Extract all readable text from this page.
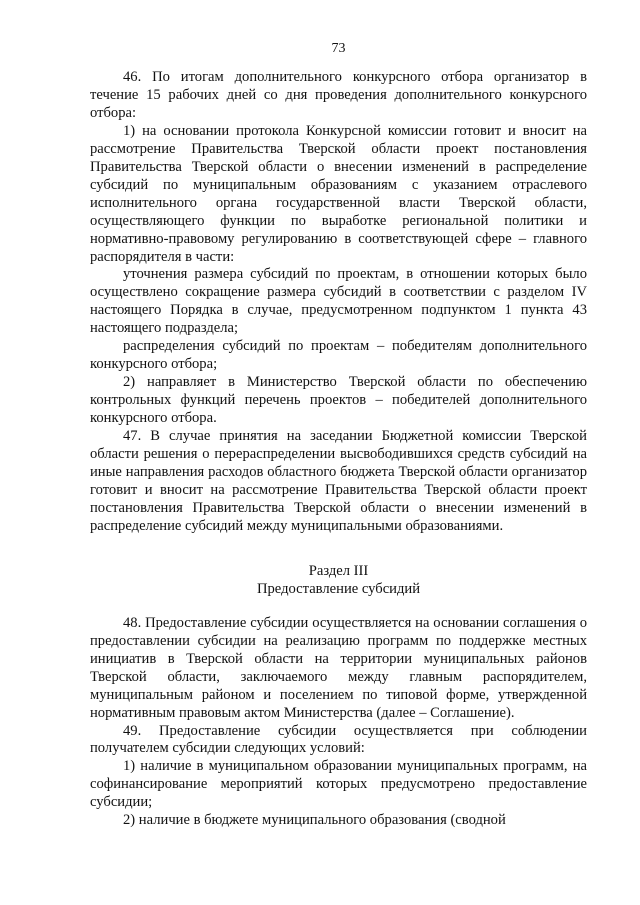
73

46. По итогам дополнительного конкурсного отбора организатор в течение 15 рабочих дней со дня проведения дополнительного конкурсного отбора:

1) на основании протокола Конкурсной комиссии готовит и вносит на рассмотрение Правительства Тверской области проект постановления Правительства Тверской области о внесении изменений в распределение субсидий по муниципальным образованиям с указанием отраслевого исполнительного органа государственной власти Тверской области, осуществляющего функции по выработке региональной политики и нормативно-правовому регулированию в соответствующей сфере – главного распорядителя в части:

уточнения размера субсидий по проектам, в отношении которых было осуществлено сокращение размера субсидий в соответствии с разделом IV настоящего Порядка в случае, предусмотренном подпунктом 1 пункта 43 настоящего подраздела;

распределения субсидий по проектам – победителям дополнительного конкурсного отбора;

2) направляет в Министерство Тверской области по обеспечению контрольных функций перечень проектов – победителей дополнительного конкурсного отбора.

47. В случае принятия на заседании Бюджетной комиссии Тверской области решения о перераспределении высвободившихся средств субсидий на иные направления расходов областного бюджета Тверской области организатор готовит и вносит на рассмотрение Правительства Тверской области проект постановления Правительства Тверской области о внесении изменений в распределение субсидий между муниципальными образованиями.

Раздел III
Предоставление субсидий

48. Предоставление субсидии осуществляется на основании соглашения о предоставлении субсидии на реализацию программ по поддержке местных инициатив в Тверской области на территории муниципальных районов Тверской области, заключаемого между главным распорядителем, муниципальным районом и поселением по типовой форме, утвержденной нормативным правовым актом Министерства (далее – Соглашение).

49. Предоставление субсидии осуществляется при соблюдении получателем субсидии следующих условий:

1) наличие в муниципальном образовании муниципальных программ, на софинансирование мероприятий которых предусмотрено предоставление субсидии;

2) наличие в бюджете муниципального образования (сводной
